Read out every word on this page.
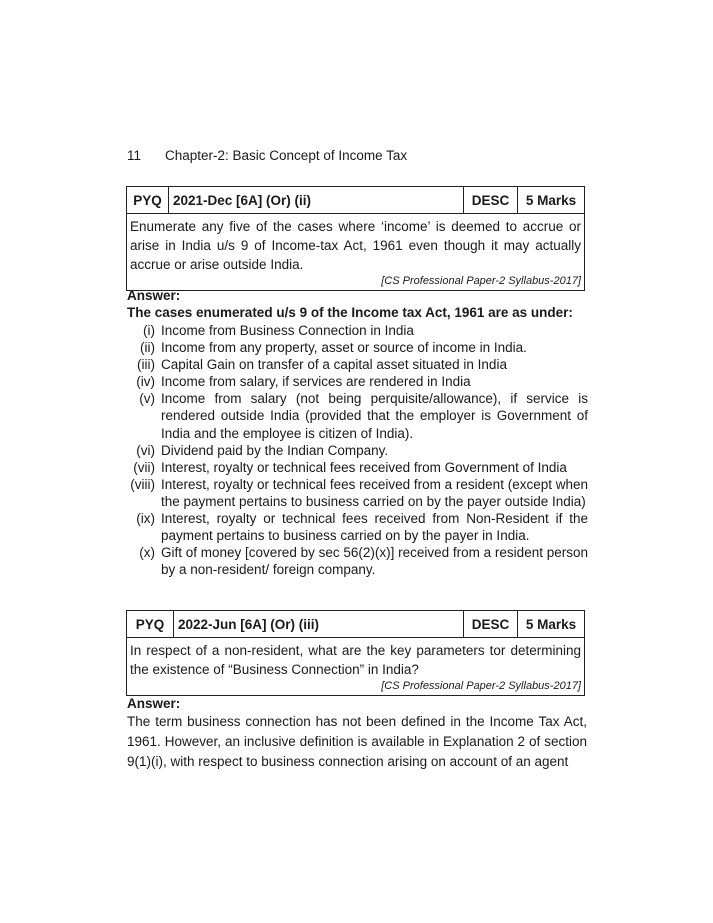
11 Chapter-2: Basic Concept of Income Tax
PYQ 2021-Dec [6A] (Or) (ii)	DESC	5 Marks
Enumerate any five of the cases where ‘income’ is deemed to accrue or arise in India u/s 9 of Income-tax Act, 1961 even though it may actually accrue or arise outside India.
[CS Professional Paper-2 Syllabus-2017]
Answer:
The cases enumerated u/s 9 of the Income tax Act, 1961 are as under:
(i) Income from Business Connection in India
(ii) Income from any property, asset or source of income in India.
(iii) Capital Gain on transfer of a capital asset situated in India
(iv) Income from salary, if services are rendered in India
(v) Income from salary (not being perquisite/allowance), if service is rendered outside India (provided that the employer is Government of India and the employee is citizen of India).
(vi) Dividend paid by the Indian Company.
(vii) Interest, royalty or technical fees received from Government of India
(viii) Interest, royalty or technical fees received from a resident (except when the payment pertains to business carried on by the payer outside India)
(ix) Interest, royalty or technical fees received from Non-Resident if the payment pertains to business carried on by the payer in India.
(x) Gift of money [covered by sec 56(2)(x)] received from a resident person by a non-resident/ foreign company.
PYQ	2022-Jun [6A] (Or) (iii)	DESC	5 Marks
In respect of a non-resident, what are the key parameters tor determining the existence of “Business Connection” in India?
[CS Professional Paper-2 Syllabus-2017]
Answer:
The term business connection has not been defined in the Income Tax Act, 1961. However, an inclusive definition is available in Explanation 2 of section 9(1)(i), with respect to business connection arising on account of an agent
